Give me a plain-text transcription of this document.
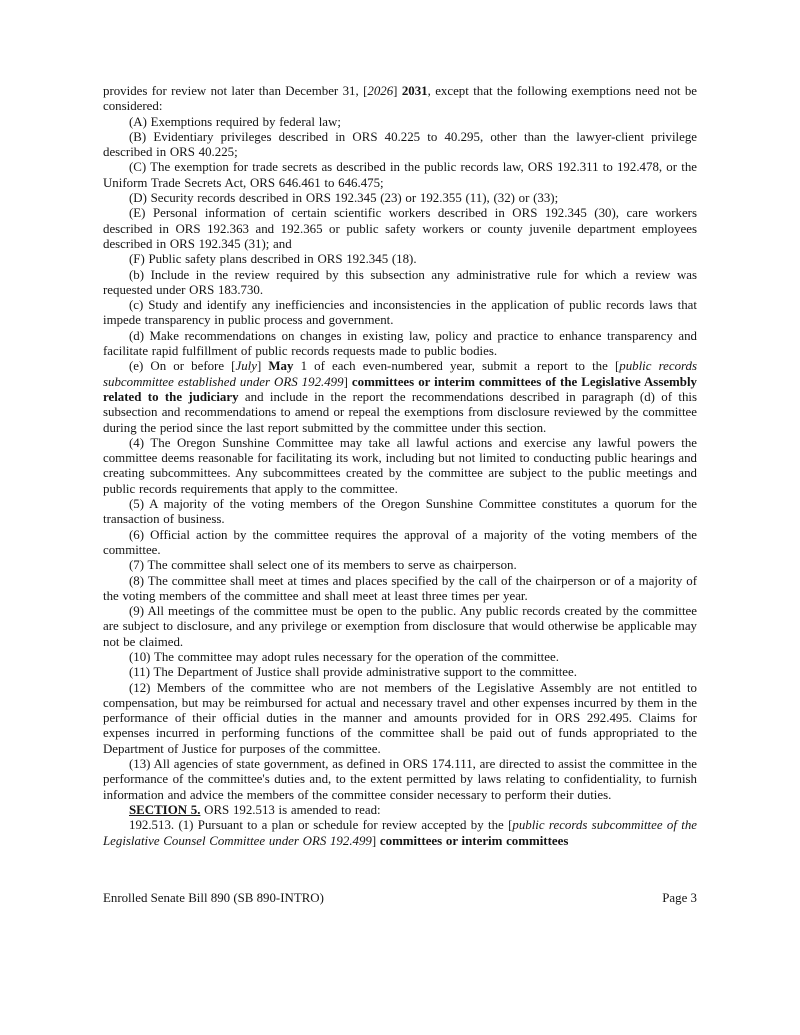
provides for review not later than December 31, [2026] 2031, except that the following exemptions need not be considered:

(A) Exemptions required by federal law;

(B) Evidentiary privileges described in ORS 40.225 to 40.295, other than the lawyer-client privilege described in ORS 40.225;

(C) The exemption for trade secrets as described in the public records law, ORS 192.311 to 192.478, or the Uniform Trade Secrets Act, ORS 646.461 to 646.475;

(D) Security records described in ORS 192.345 (23) or 192.355 (11), (32) or (33);

(E) Personal information of certain scientific workers described in ORS 192.345 (30), care workers described in ORS 192.363 and 192.365 or public safety workers or county juvenile department employees described in ORS 192.345 (31); and

(F) Public safety plans described in ORS 192.345 (18).

(b) Include in the review required by this subsection any administrative rule for which a review was requested under ORS 183.730.

(c) Study and identify any inefficiencies and inconsistencies in the application of public records laws that impede transparency in public process and government.

(d) Make recommendations on changes in existing law, policy and practice to enhance transparency and facilitate rapid fulfillment of public records requests made to public bodies.

(e) On or before [July] May 1 of each even-numbered year, submit a report to the [public records subcommittee established under ORS 192.499] committees or interim committees of the Legislative Assembly related to the judiciary and include in the report the recommendations described in paragraph (d) of this subsection and recommendations to amend or repeal the exemptions from disclosure reviewed by the committee during the period since the last report submitted by the committee under this section.

(4) The Oregon Sunshine Committee may take all lawful actions and exercise any lawful powers the committee deems reasonable for facilitating its work, including but not limited to conducting public hearings and creating subcommittees. Any subcommittees created by the committee are subject to the public meetings and public records requirements that apply to the committee.

(5) A majority of the voting members of the Oregon Sunshine Committee constitutes a quorum for the transaction of business.

(6) Official action by the committee requires the approval of a majority of the voting members of the committee.

(7) The committee shall select one of its members to serve as chairperson.

(8) The committee shall meet at times and places specified by the call of the chairperson or of a majority of the voting members of the committee and shall meet at least three times per year.

(9) All meetings of the committee must be open to the public. Any public records created by the committee are subject to disclosure, and any privilege or exemption from disclosure that would otherwise be applicable may not be claimed.

(10) The committee may adopt rules necessary for the operation of the committee.

(11) The Department of Justice shall provide administrative support to the committee.

(12) Members of the committee who are not members of the Legislative Assembly are not entitled to compensation, but may be reimbursed for actual and necessary travel and other expenses incurred by them in the performance of their official duties in the manner and amounts provided for in ORS 292.495. Claims for expenses incurred in performing functions of the committee shall be paid out of funds appropriated to the Department of Justice for purposes of the committee.

(13) All agencies of state government, as defined in ORS 174.111, are directed to assist the committee in the performance of the committee's duties and, to the extent permitted by laws relating to confidentiality, to furnish information and advice the members of the committee consider necessary to perform their duties.

SECTION 5. ORS 192.513 is amended to read:

192.513. (1) Pursuant to a plan or schedule for review accepted by the [public records subcommittee of the Legislative Counsel Committee under ORS 192.499] committees or interim committees

Enrolled Senate Bill 890 (SB 890-INTRO)	Page 3
